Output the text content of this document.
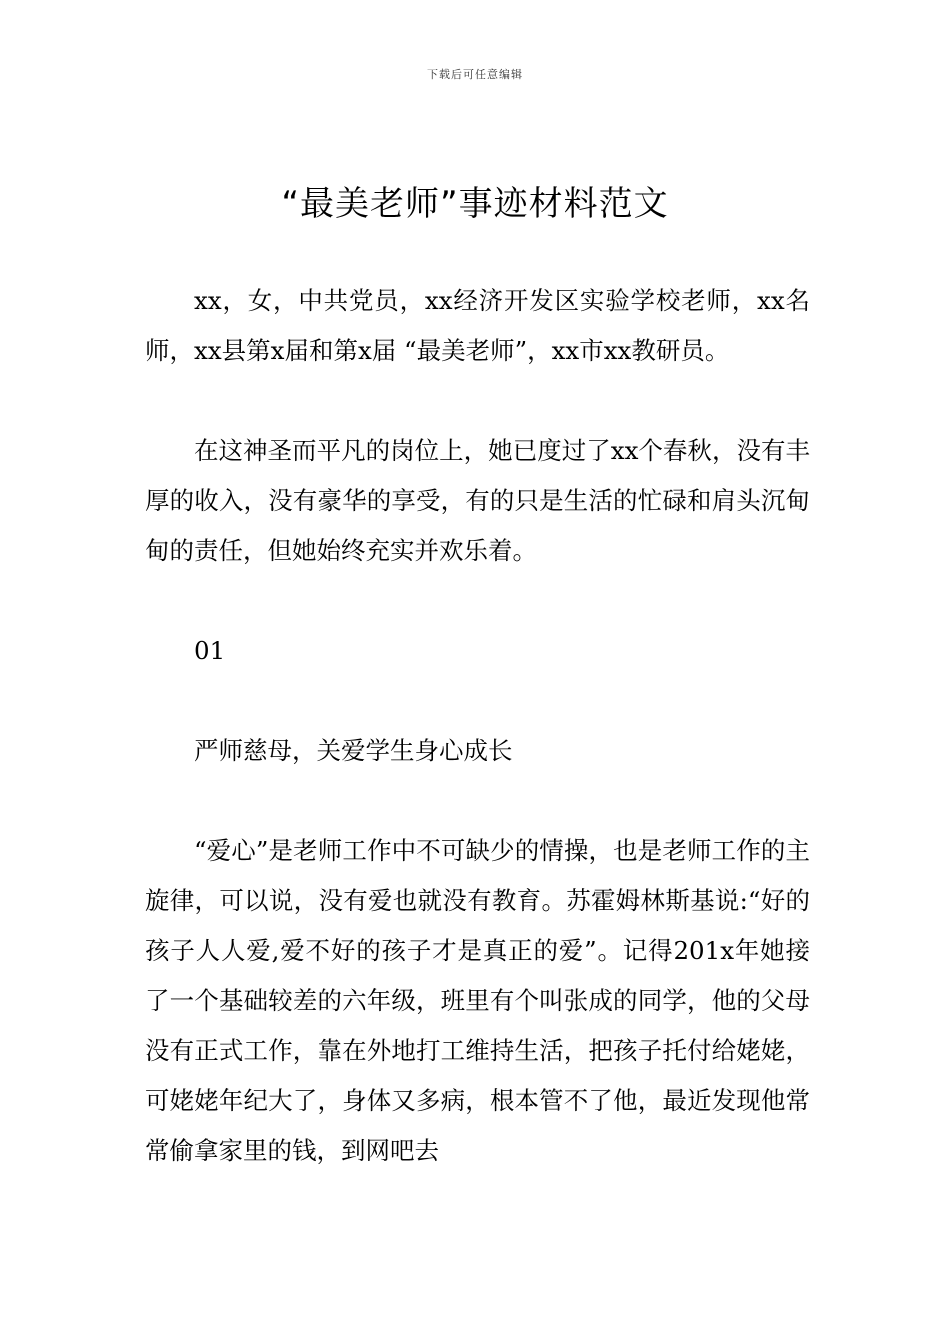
下载后可任意编辑
“最美老师”事迹材料范文

xx，女，中共党员，xx经济开发区实验学校老师，xx名师，xx县第x届和第x届 “最美老师”，xx市xx教研员。

在这神圣而平凡的岗位上，她已度过了xx个春秋，没有丰厚的收入，没有豪华的享受，有的只是生活的忙碌和肩头沉甸甸的责任，但她始终充实并欢乐着。

01

严师慈母，关爱学生身心成长

“爱心”是老师工作中不可缺少的情操，也是老师工作的主旋律，可以说，没有爱也就没有教育。苏霍姆林斯基说:“好的孩子人人爱,爱不好的孩子才是真正的爱”。记得201x年她接了一个基础较差的六年级，班里有个叫张成的同学，他的父母没有正式工作，靠在外地打工维持生活，把孩子托付给姥姥，可姥姥年纪大了，身体又多病，根本管不了他，最近发现他常常偷拿家里的钱，到网吧去
